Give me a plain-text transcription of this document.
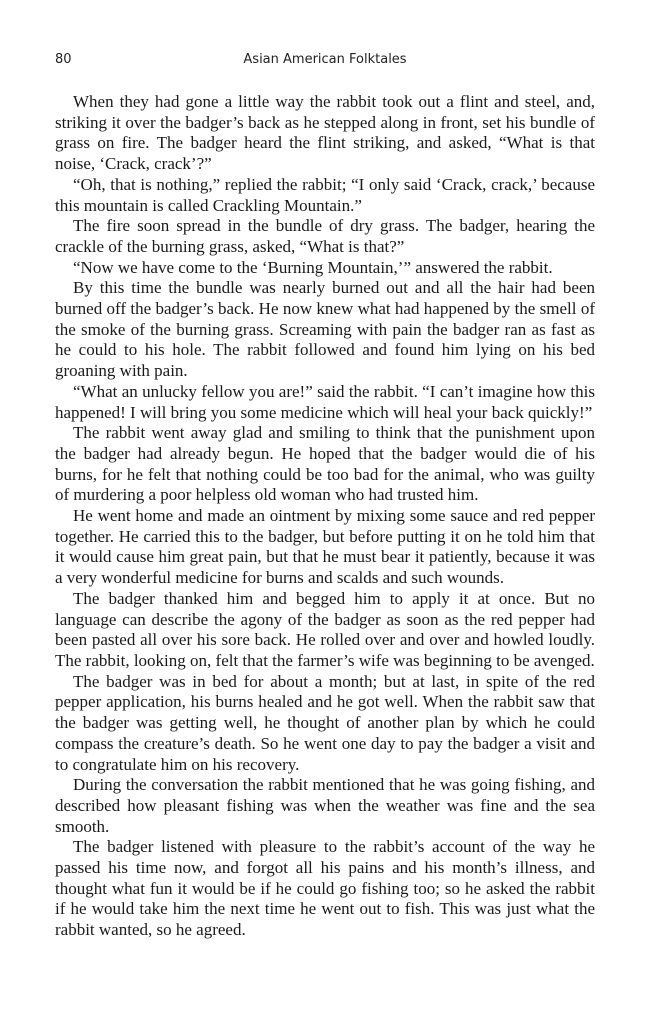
80	Asian American Folktales

When they had gone a little way the rabbit took out a flint and steel, and, striking it over the badger’s back as he stepped along in front, set his bundle of grass on fire. The badger heard the flint striking, and asked, “What is that noise, ‘Crack, crack’?”

“Oh, that is nothing,” replied the rabbit; “I only said ‘Crack, crack,’ because this mountain is called Crackling Mountain.”

The fire soon spread in the bundle of dry grass. The badger, hearing the crackle of the burning grass, asked, “What is that?”

“Now we have come to the ‘Burning Mountain,’” answered the rabbit.

By this time the bundle was nearly burned out and all the hair had been burned off the badger’s back. He now knew what had happened by the smell of the smoke of the burning grass. Screaming with pain the badger ran as fast as he could to his hole. The rabbit followed and found him lying on his bed groaning with pain.

“What an unlucky fellow you are!” said the rabbit. “I can’t imagine how this happened! I will bring you some medicine which will heal your back quickly!”

The rabbit went away glad and smiling to think that the punishment upon the badger had already begun. He hoped that the badger would die of his burns, for he felt that nothing could be too bad for the animal, who was guilty of murdering a poor helpless old woman who had trusted him.

He went home and made an ointment by mixing some sauce and red pepper together. He carried this to the badger, but before putting it on he told him that it would cause him great pain, but that he must bear it patiently, because it was a very wonderful medicine for burns and scalds and such wounds.

The badger thanked him and begged him to apply it at once. But no language can describe the agony of the badger as soon as the red pepper had been pasted all over his sore back. He rolled over and over and howled loudly. The rabbit, looking on, felt that the farmer’s wife was beginning to be avenged.

The badger was in bed for about a month; but at last, in spite of the red pepper application, his burns healed and he got well. When the rabbit saw that the badger was getting well, he thought of another plan by which he could compass the creature’s death. So he went one day to pay the badger a visit and to congratulate him on his recovery.

During the conversation the rabbit mentioned that he was going fishing, and described how pleasant fishing was when the weather was fine and the sea smooth.

The badger listened with pleasure to the rabbit’s account of the way he passed his time now, and forgot all his pains and his month’s illness, and thought what fun it would be if he could go fishing too; so he asked the rabbit if he would take him the next time he went out to fish. This was just what the rabbit wanted, so he agreed.
